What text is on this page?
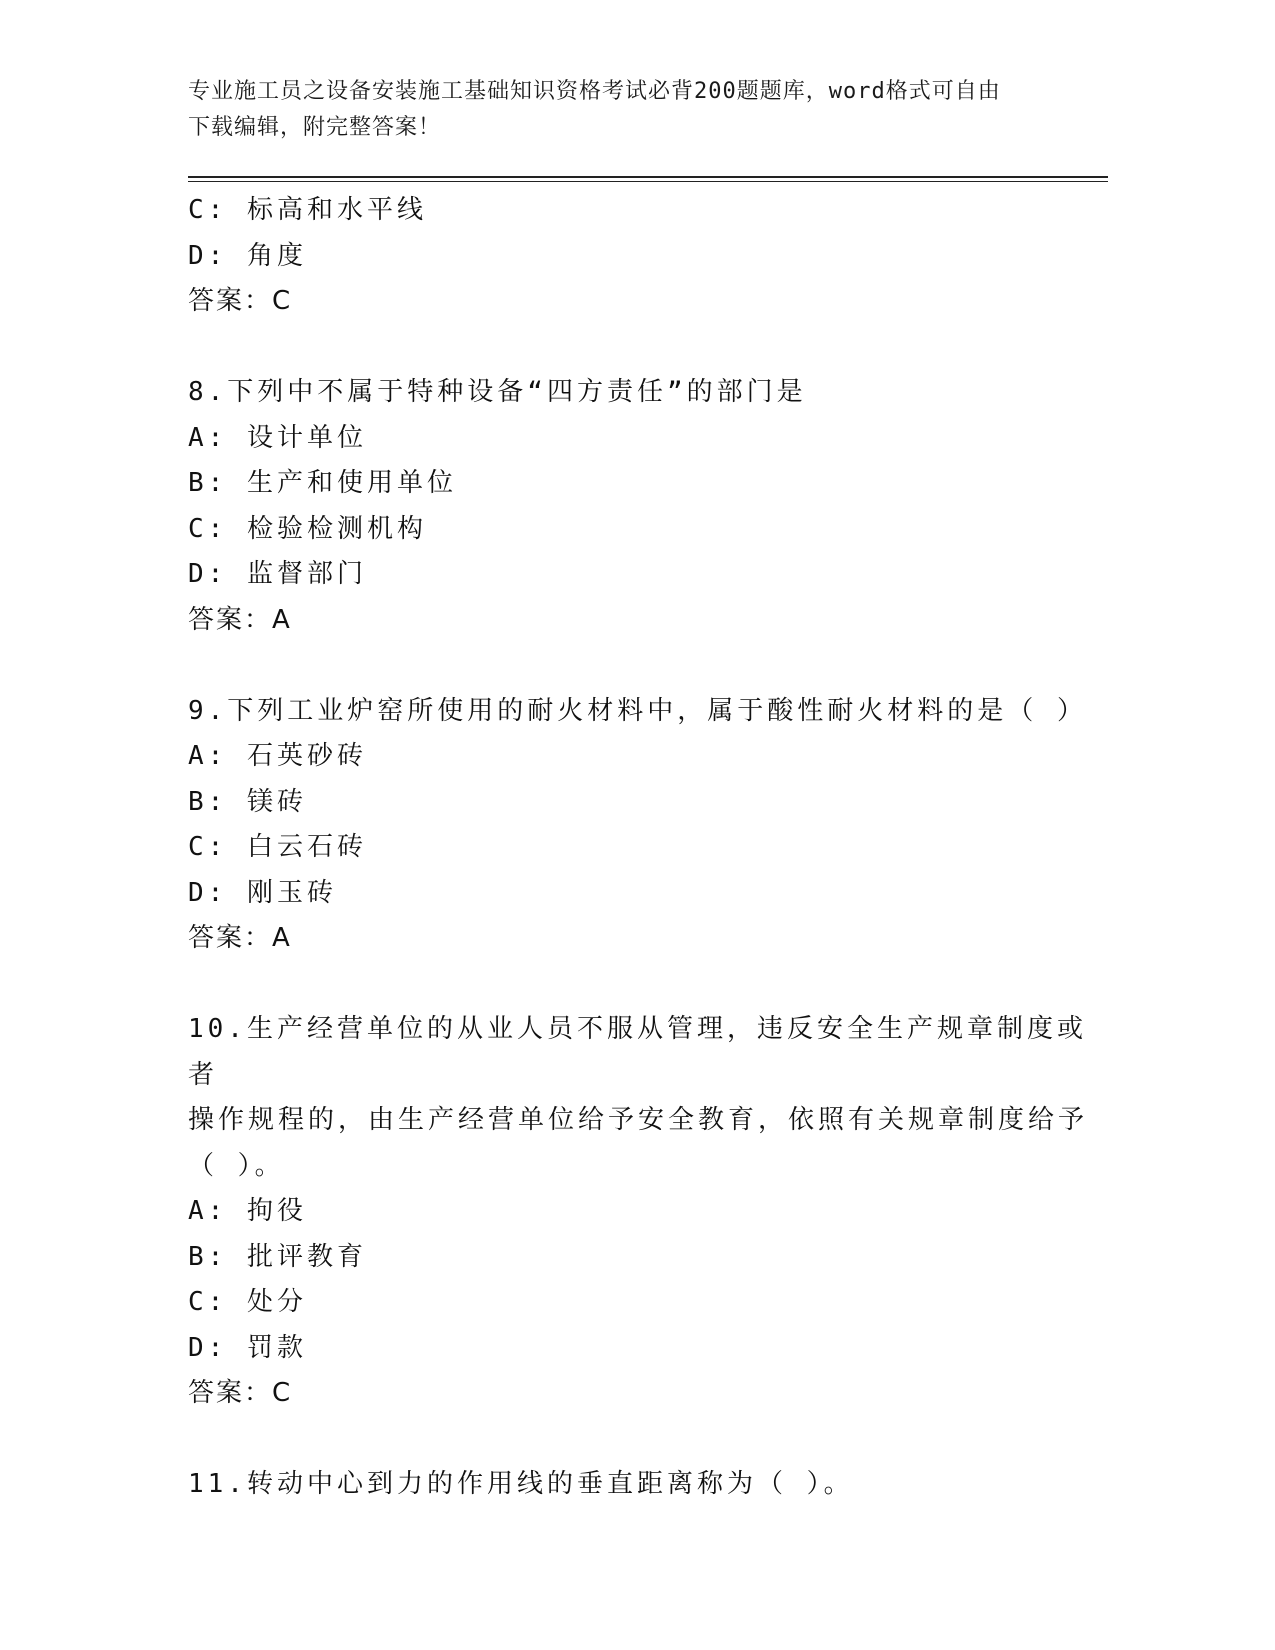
专业施工员之设备安装施工基础知识资格考试必背200题题库，word格式可自由
下载编辑，附完整答案！
C: 标高和水平线
D: 角度
答案：C
8.下列中不属于特种设备“四方责任”的部门是
A: 设计单位
B: 生产和使用单位
C: 检验检测机构
D: 监督部门
答案：A
9.下列工业炉窑所使用的耐火材料中，属于酸性耐火材料的是（ ）
A: 石英砂砖
B: 镁砖
C: 白云石砖
D: 刚玉砖
答案：A
10.生产经营单位的从业人员不服从管理，违反安全生产规章制度或者
操作规程的，由生产经营单位给予安全教育，依照有关规章制度给予
（ ）。
A: 拘役
B: 批评教育
C: 处分
D: 罚款
答案：C
11.转动中心到力的作用线的垂直距离称为（ ）。
